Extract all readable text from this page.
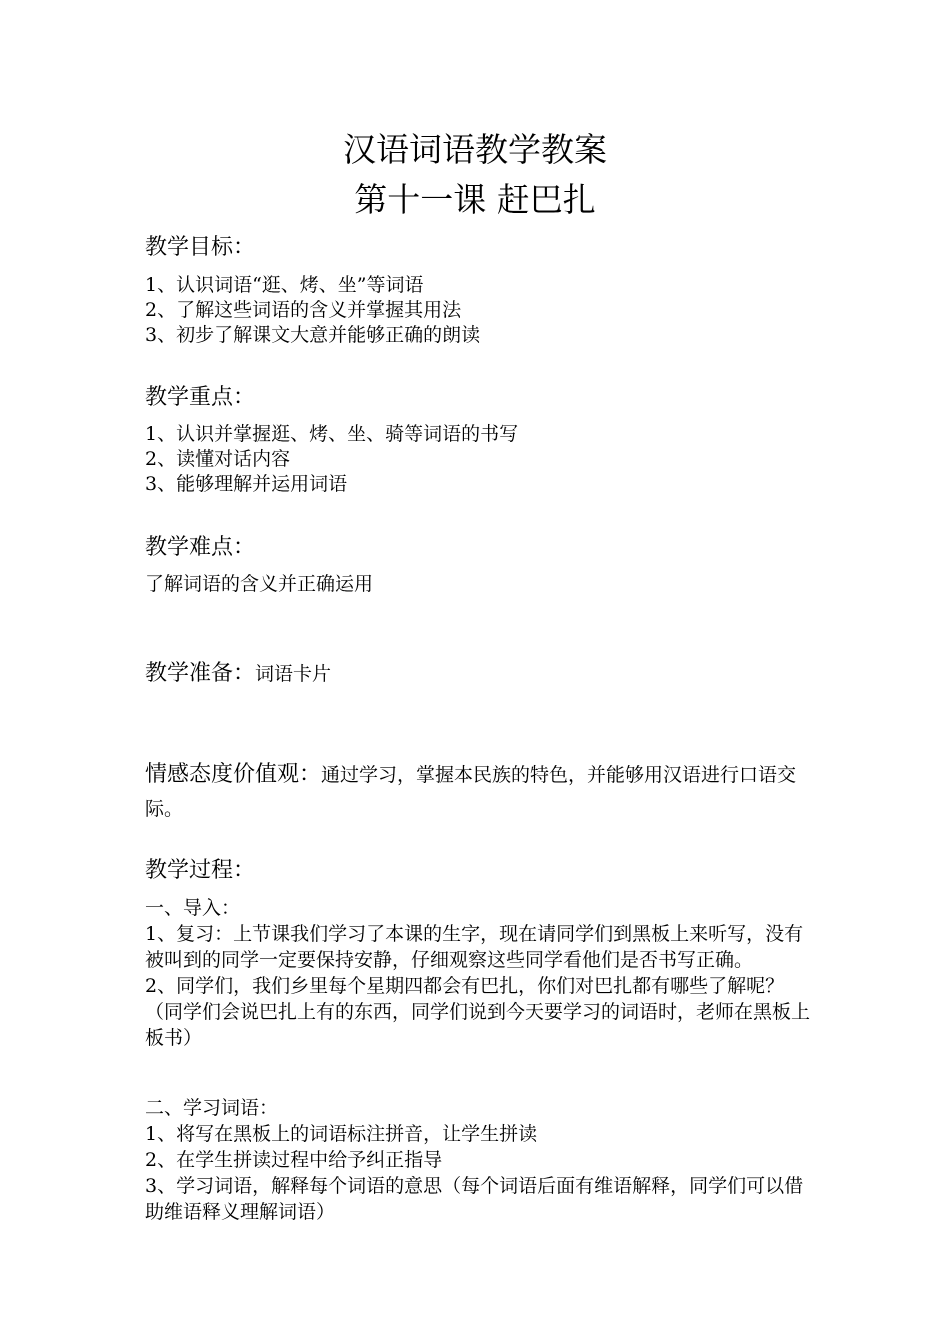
汉语词语教学教案
第十一课 赶巴扎
教学目标：
1、认识词语“逛、烤、坐”等词语
2、了解这些词语的含义并掌握其用法
3、初步了解课文大意并能够正确的朗读
教学重点：
1、认识并掌握逛、烤、坐、骑等词语的书写
2、读懂对话内容
3、能够理解并运用词语
教学难点：
了解词语的含义并正确运用
教学准备：词语卡片
情感态度价值观：通过学习，掌握本民族的特色，并能够用汉语进行口语交际。
教学过程：
一、导入：
1、复习：上节课我们学习了本课的生字，现在请同学们到黑板上来听写，没有被叫到的同学一定要保持安静，仔细观察这些同学看他们是否书写正确。
2、同学们，我们乡里每个星期四都会有巴扎，你们对巴扎都有哪些了解呢？（同学们会说巴扎上有的东西，同学们说到今天要学习的词语时，老师在黑板上板书）
二、学习词语：
1、将写在黑板上的词语标注拼音，让学生拼读
2、在学生拼读过程中给予纠正指导
3、学习词语，解释每个词语的意思（每个词语后面有维语解释，同学们可以借助维语释义理解词语）
